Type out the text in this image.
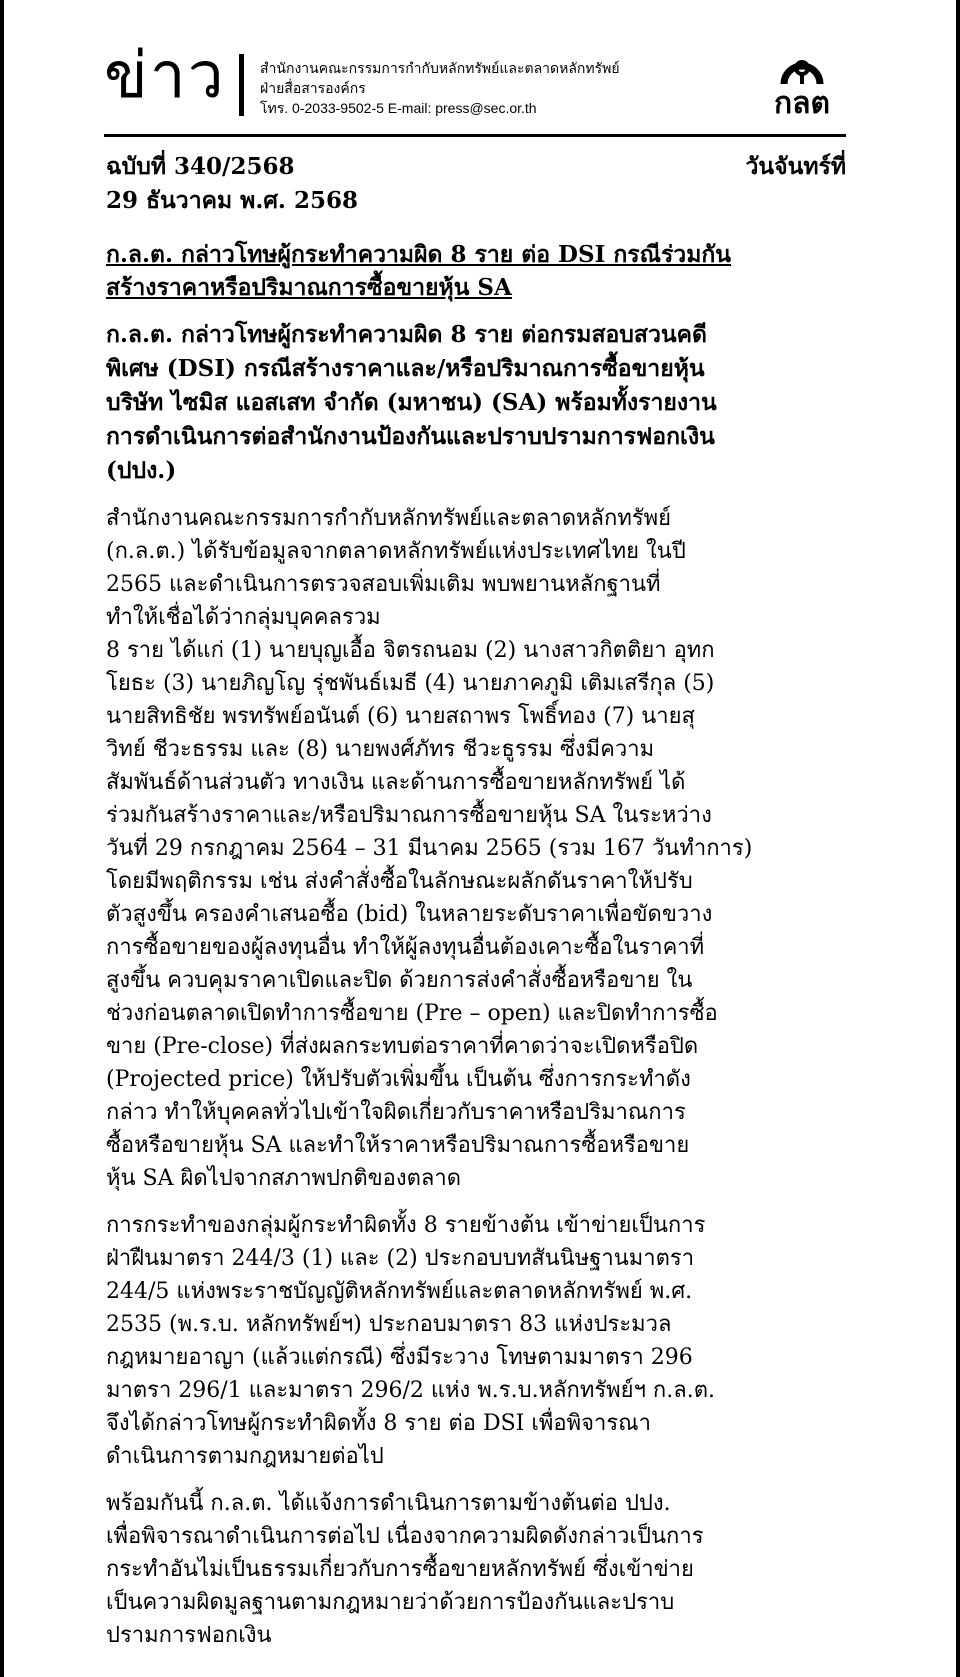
ข่าว สำนักงานคณะกรรมการกำกับหลักทรัพย์และตลาดหลักทรัพย์
ฝ่ายสื่อสารองค์กร
โทร. 0-2033-9502-5 E-mail: press@sec.or.th	กลต
ฉบับที่ 340/2568	วันจันทร์ที่
29 ธันวาคม พ.ศ. 2568
ก.ล.ต. กล่าวโทษผู้กระทำความผิด 8 ราย ต่อ DSI กรณีร่วมกัน
สร้างราคาหรือปริมาณการซื้อขายหุ้น SA
ก.ล.ต. กล่าวโทษผู้กระทำความผิด 8 ราย ต่อกรมสอบสวนคดี
พิเศษ (DSI) กรณีสร้างราคาและ/หรือปริมาณการซื้อขายหุ้น
บริษัท ไซมิส แอสเสท จำกัด (มหาชน) (SA) พร้อมทั้งรายงาน
การดำเนินการต่อสำนักงานป้องกันและปราบปรามการฟอกเงิน
(ปปง.)
สำนักงานคณะกรรมการกำกับหลักทรัพย์และตลาดหลักทรัพย์
(ก.ล.ต.) ได้รับข้อมูลจากตลาดหลักทรัพย์แห่งประเทศไทย ในปี
2565 และดำเนินการตรวจสอบเพิ่มเติม พบพยานหลักฐานที่
ทำให้เชื่อได้ว่ากลุ่มบุคคลรวม
8 ราย ได้แก่ (1) นายบุญเอื้อ จิตรถนอม (2) นางสาวกิตติยา อุทก
โยธะ (3) นายภิญโญ รุ่ชพันธ์เมธี (4) นายภาคภูมิ เติมเสรีกุล (5)
นายสิทธิชัย พรทรัพย์อนันต์ (6) นายสถาพร โพธิ์ทอง (7) นายสุ
วิทย์ ชีวะธรรม และ (8) นายพงศ์ภัทร ชีวะธูรรม ซึ่งมีความ
สัมพันธ์ด้านส่วนตัว ทางเงิน และด้านการซื้อขายหลักทรัพย์ ได้
ร่วมกันสร้างราคาและ/หรือปริมาณการซื้อขายหุ้น SA ในระหว่าง
วันที่ 29 กรกฎาคม 2564 – 31 มีนาคม 2565 (รวม 167 วันทำการ)
โดยมีพฤติกรรม เช่น ส่งคำสั่งซื้อในลักษณะผลักดันราคาให้ปรับ
ตัวสูงขึ้น ครองคำเสนอซื้อ (bid) ในหลายระดับราคาเพื่อขัดขวาง
การซื้อขายของผู้ลงทุนอื่น ทำให้ผู้ลงทุนอื่นต้องเคาะซื้อในราคาที่
สูงขึ้น ควบคุมราคาเปิดและปิด ด้วยการส่งคำสั่งซื้อหรือขาย ใน
ช่วงก่อนตลาดเปิดทำการซื้อขาย (Pre – open) และปิดทำการซื้อ
ขาย (Pre-close) ที่ส่งผลกระทบต่อราคาที่คาดว่าจะเปิดหรือปิด
(Projected price) ให้ปรับตัวเพิ่มขึ้น เป็นต้น ซึ่งการกระทำดัง
กล่าว ทำให้บุคคลทั่วไปเข้าใจผิดเกี่ยวกับราคาหรือปริมาณการ
ซื้อหรือขายหุ้น SA และทำให้ราคาหรือปริมาณการซื้อหรือขาย
หุ้น SA ผิดไปจากสภาพปกติของตลาด
การกระทำของกลุ่มผู้กระทำผิดทั้ง 8 รายข้างต้น เข้าข่ายเป็นการ
ฝ่าฝืนมาตรา 244/3 (1) และ (2) ประกอบบทสันนิษฐานมาตรา
244/5 แห่งพระราชบัญญัติหลักทรัพย์และตลาดหลักทรัพย์ พ.ศ.
2535 (พ.ร.บ. หลักทรัพย์ฯ) ประกอบมาตรา 83 แห่งประมวล
กฎหมายอาญา (แล้วแต่กรณี) ซึ่งมีระวาง โทษตามมาตรา 296
มาตรา 296/1 และมาตรา 296/2 แห่ง พ.ร.บ.หลักทรัพย์ฯ ก.ล.ต.
จึงได้กล่าวโทษผู้กระทำผิดทั้ง 8 ราย ต่อ DSI เพื่อพิจารณา
ดำเนินการตามกฎหมายต่อไป
พร้อมกันนี้ ก.ล.ต. ได้แจ้งการดำเนินการตามข้างต้นต่อ ปปง.
เพื่อพิจารณาดำเนินการต่อไป เนื่องจากความผิดดังกล่าวเป็นการ
กระทำอันไม่เป็นธรรมเกี่ยวกับการซื้อขายหลักทรัพย์ ซึ่งเข้าข่าย
เป็นความผิดมูลฐานตามกฎหมายว่าด้วยการป้องกันและปราบ
ปรามการฟอกเงิน
